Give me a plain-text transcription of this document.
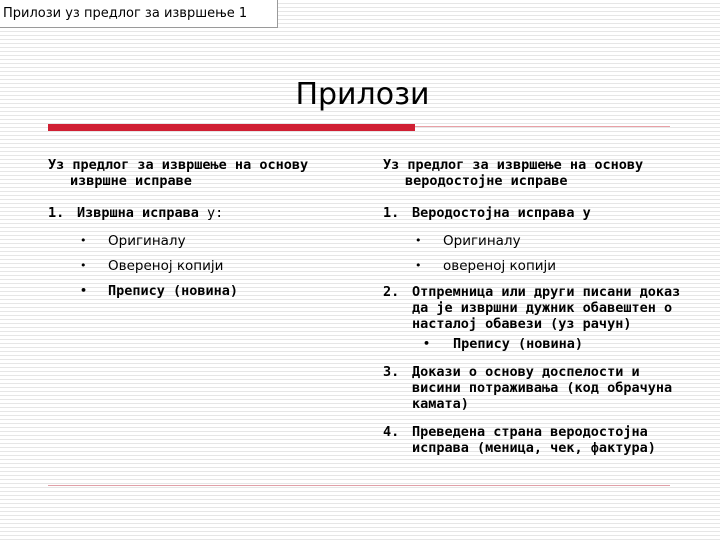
Прилози уз предлог за извршење 1
Прилози
Уз предлог за извршење на основу извршне исправе
1. Извршна исправа у:
• Оригиналу
• Овереној копији
• Препису (новина)
Уз предлог за извршење на основу веродостојне исправе
1. Веродостојна исправа у
• Оригиналу
• овереној копији
2. Отпремница или други писани доказ да је извршни дужник обавештен о насталој обавези (уз рачун)
• Препису (новина)
3. Докази о основу доспелости и висини потраживања (код обрачуна камата)
4. Преведена страна веродостојна исправа (меница, чек, фактура)
